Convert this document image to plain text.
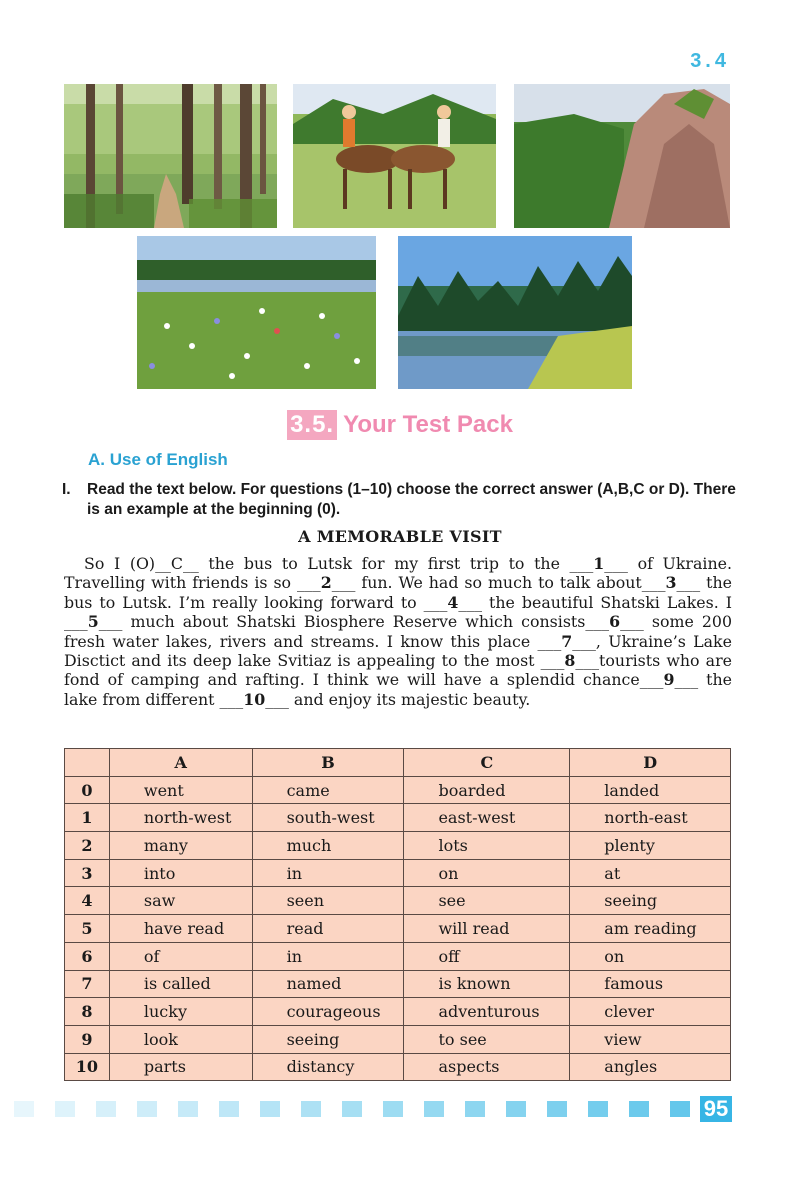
3.4
3.5. Your Test Pack
A. Use of English
I. Read the text below. For questions (1–10) choose the correct answer (A,B,C or D). There is an example at the beginning (0).
A MEMORABLE VISIT
So I (O)__C__ the bus to Lutsk for my first trip to the ___1___ of Ukraine. Travelling with friends is so ___2___ fun. We had so much to talk about___3___ the bus to Lutsk. I’m really looking forward to ___4___ the beautiful Shatski Lakes. I ___5___ much about Shatski Biosphere Reserve which consists___6___ some 200 fresh water lakes, rivers and streams. I know this place ___7___, Ukraine’s Lake Disctict and its deep lake Svitiaz is appealing to the most ___8___tourists who are fond of camping and rafting. I think we will have a splendid chance___9___ the lake from different ___10___ and enjoy its majestic beauty.
	A	B	C	D
0	went	came	boarded	landed
1	north-west	south-west	east-west	north-east
2	many	much	lots	plenty
3	into	in	on	at
4	saw	seen	see	seeing
5	have read	read	will read	am reading
6	of	in	off	on
7	is called	named	is known	famous
8	lucky	courageous	adventurous	clever
9	look	seeing	to see	view
10	parts	distancy	aspects	angles
95
